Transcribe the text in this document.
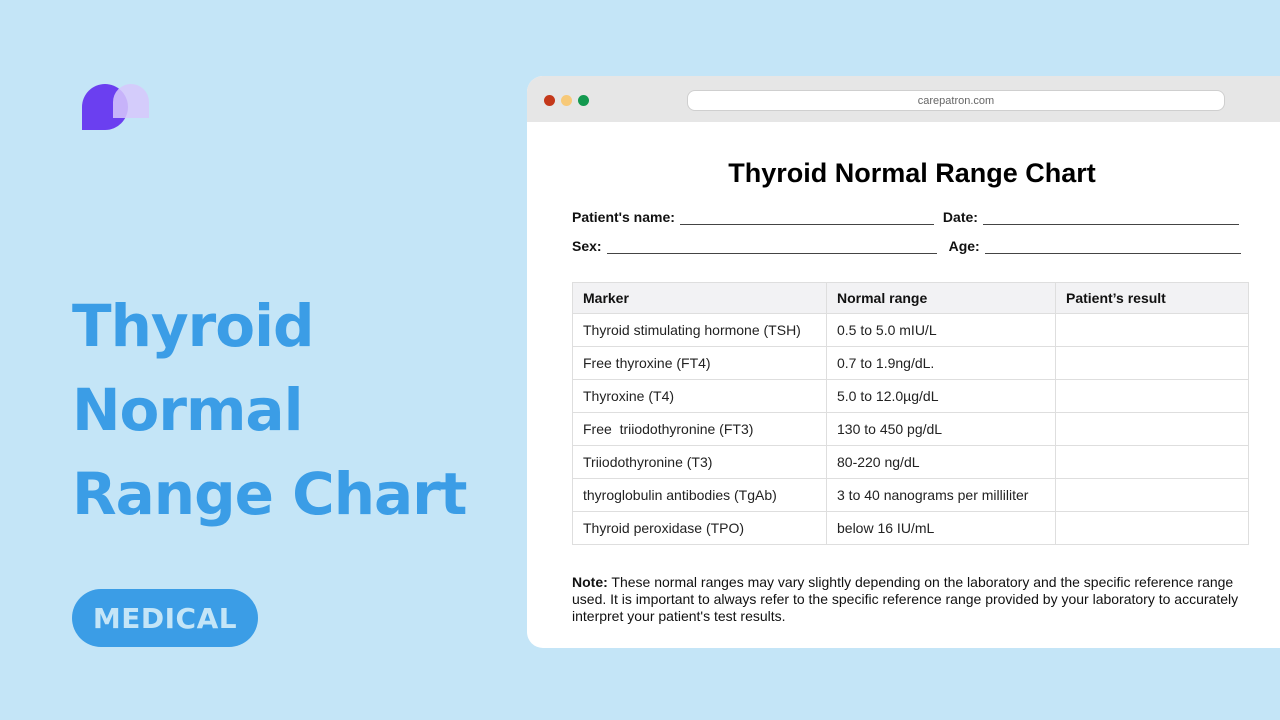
Thyroid Normal
Range Chart
MEDICAL
carepatron.com
Thyroid Normal Range Chart
Patient's name:	Date:
Sex:	Age:
Marker	Normal range	Patient’s result
Thyroid stimulating hormone (TSH)	0.5 to 5.0 mIU/L	
Free thyroxine (FT4)	0.7 to 1.9ng/dL.	
Thyroxine (T4)	5.0 to 12.0µg/dL	
Free  triiodothyronine (FT3)	130 to 450 pg/dL	
Triiodothyronine (T3)	80-220 ng/dL	
thyroglobulin antibodies (TgAb)	3 to 40 nanograms per milliliter	
Thyroid peroxidase (TPO)	below 16 IU/mL	

Note: These normal ranges may vary slightly depending on the laboratory and the specific reference range used. It is important to always refer to the specific reference range provided by your laboratory to accurately interpret your patient's test results.
